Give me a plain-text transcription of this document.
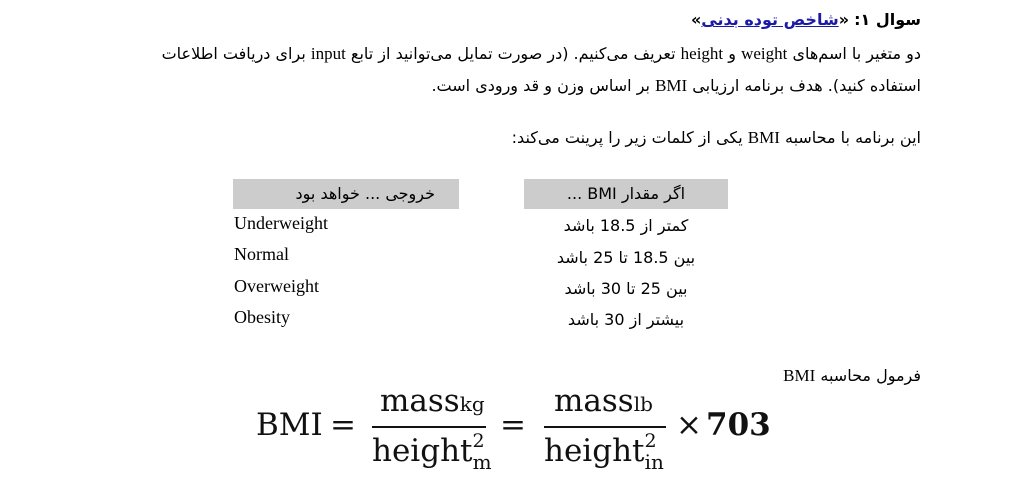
سوال ۱: «شاخص توده بدنی»
دو متغیر با اسم‌های weight و height تعریف می‌کنیم. (در صورت تمایل می‌توانید از تابع input برای دریافت اطلاعات استفاده کنید). هدف برنامه ارزیابی BMI بر اساس وزن و قد ورودی است.
این برنامه با محاسبه BMI یکی از کلمات زیر را پرینت می‌کند:
اگر مقدار BMI ...
خروجی ... خواهد بود
Underweight
Normal
Overweight
Obesity
کمتر از 18.5 باشد
بین 18.5 تا 25 باشد
بین 25 تا 30 باشد
بیشتر از 30 باشد
فرمول محاسبه BMI
BMI =
masskg
height$^2_m$
=
masslb
height$^2_{in}$
× 703
